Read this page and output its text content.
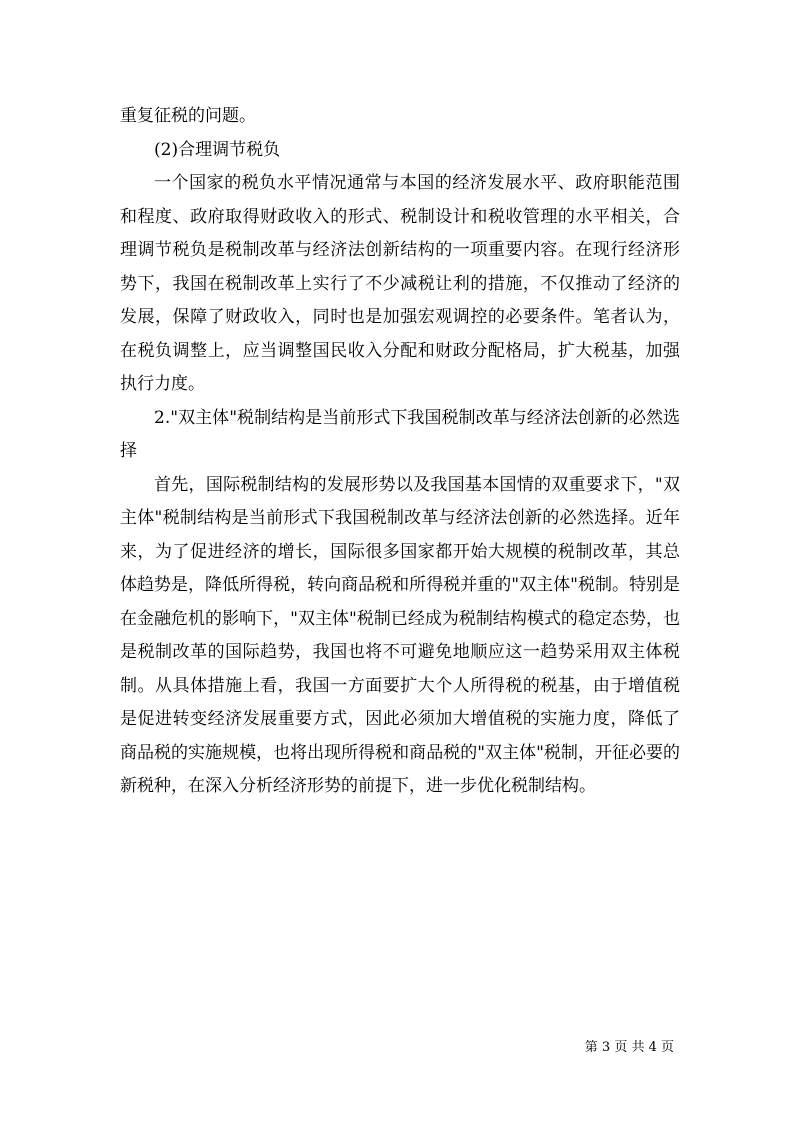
重复征税的问题。

(2)合理调节税负

一个国家的税负水平情况通常与本国的经济发展水平、政府职能范围和程度、政府取得财政收入的形式、税制设计和税收管理的水平相关，合理调节税负是税制改革与经济法创新结构的一项重要内容。在现行经济形势下，我国在税制改革上实行了不少减税让利的措施，不仅推动了经济的发展，保障了财政收入，同时也是加强宏观调控的必要条件。笔者认为，在税负调整上，应当调整国民收入分配和财政分配格局，扩大税基，加强执行力度。

2."双主体"税制结构是当前形式下我国税制改革与经济法创新的必然选择

首先，国际税制结构的发展形势以及我国基本国情的双重要求下，"双主体"税制结构是当前形式下我国税制改革与经济法创新的必然选择。近年来，为了促进经济的增长，国际很多国家都开始大规模的税制改革，其总体趋势是，降低所得税，转向商品税和所得税并重的"双主体"税制。特别是在金融危机的影响下，"双主体"税制已经成为税制结构模式的稳定态势，也是税制改革的国际趋势，我国也将不可避免地顺应这一趋势采用双主体税制。从具体措施上看，我国一方面要扩大个人所得税的税基，由于增值税是促进转变经济发展重要方式，因此必须加大增值税的实施力度，降低了商品税的实施规模，也将出现所得税和商品税的"双主体"税制，开征必要的新税种，在深入分析经济形势的前提下，进一步优化税制结构。

第 3 页 共 4 页
